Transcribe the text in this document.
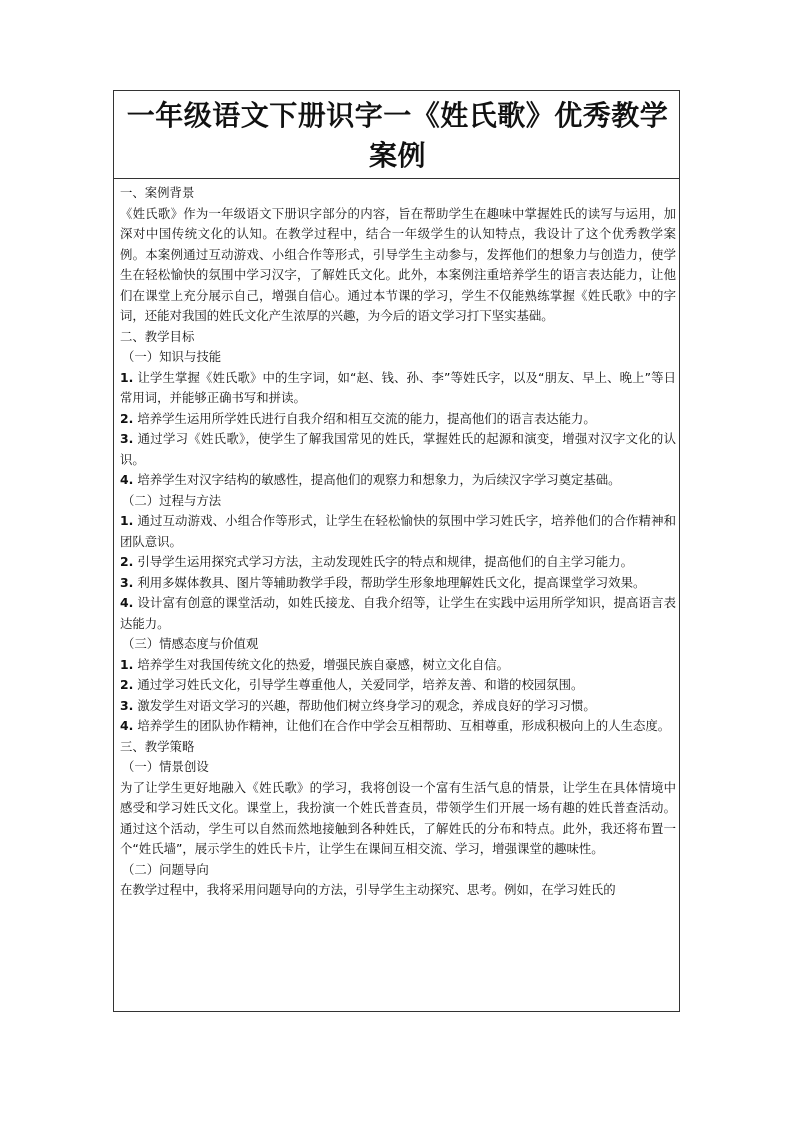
一年级语文下册识字一《姓氏歌》优秀教学
案例

一、案例背景

《姓氏歌》作为一年级语文下册识字部分的内容，旨在帮助学生在趣味中掌握姓氏的读写与运用，加深对中国传统文化的认知。在教学过程中，结合一年级学生的认知特点，我设计了这个优秀教学案例。本案例通过互动游戏、小组合作等形式，引导学生主动参与，发挥他们的想象力与创造力，使学生在轻松愉快的氛围中学习汉字，了解姓氏文化。此外，本案例注重培养学生的语言表达能力，让他们在课堂上充分展示自己，增强自信心。通过本节课的学习，学生不仅能熟练掌握《姓氏歌》中的字词，还能对我国的姓氏文化产生浓厚的兴趣，为今后的语文学习打下坚实基础。

二、教学目标

（一）知识与技能

1. 让学生掌握《姓氏歌》中的生字词，如“赵、钱、孙、李”等姓氏字，以及“朋友、早上、晚上”等日常用词，并能够正确书写和拼读。

2. 培养学生运用所学姓氏进行自我介绍和相互交流的能力，提高他们的语言表达能力。

3. 通过学习《姓氏歌》，使学生了解我国常见的姓氏，掌握姓氏的起源和演变，增强对汉字文化的认识。

4. 培养学生对汉字结构的敏感性，提高他们的观察力和想象力，为后续汉字学习奠定基础。

（二）过程与方法

1. 通过互动游戏、小组合作等形式，让学生在轻松愉快的氛围中学习姓氏字，培养他们的合作精神和团队意识。

2. 引导学生运用探究式学习方法，主动发现姓氏字的特点和规律，提高他们的自主学习能力。

3. 利用多媒体教具、图片等辅助教学手段，帮助学生形象地理解姓氏文化，提高课堂学习效果。

4. 设计富有创意的课堂活动，如姓氏接龙、自我介绍等，让学生在实践中运用所学知识，提高语言表达能力。

（三）情感态度与价值观

1. 培养学生对我国传统文化的热爱，增强民族自豪感，树立文化自信。

2. 通过学习姓氏文化，引导学生尊重他人，关爱同学，培养友善、和谐的校园氛围。

3. 激发学生对语文学习的兴趣，帮助他们树立终身学习的观念，养成良好的学习习惯。

4. 培养学生的团队协作精神，让他们在合作中学会互相帮助、互相尊重，形成积极向上的人生态度。

三、教学策略

（一）情景创设

为了让学生更好地融入《姓氏歌》的学习，我将创设一个富有生活气息的情景，让学生在具体情境中感受和学习姓氏文化。课堂上，我扮演一个姓氏普查员，带领学生们开展一场有趣的姓氏普查活动。通过这个活动，学生可以自然而然地接触到各种姓氏，了解姓氏的分布和特点。此外，我还将布置一个“姓氏墙”，展示学生的姓氏卡片，让学生在课间互相交流、学习，增强课堂的趣味性。

（二）问题导向

在教学过程中，我将采用问题导向的方法，引导学生主动探究、思考。例如，在学习姓氏的
